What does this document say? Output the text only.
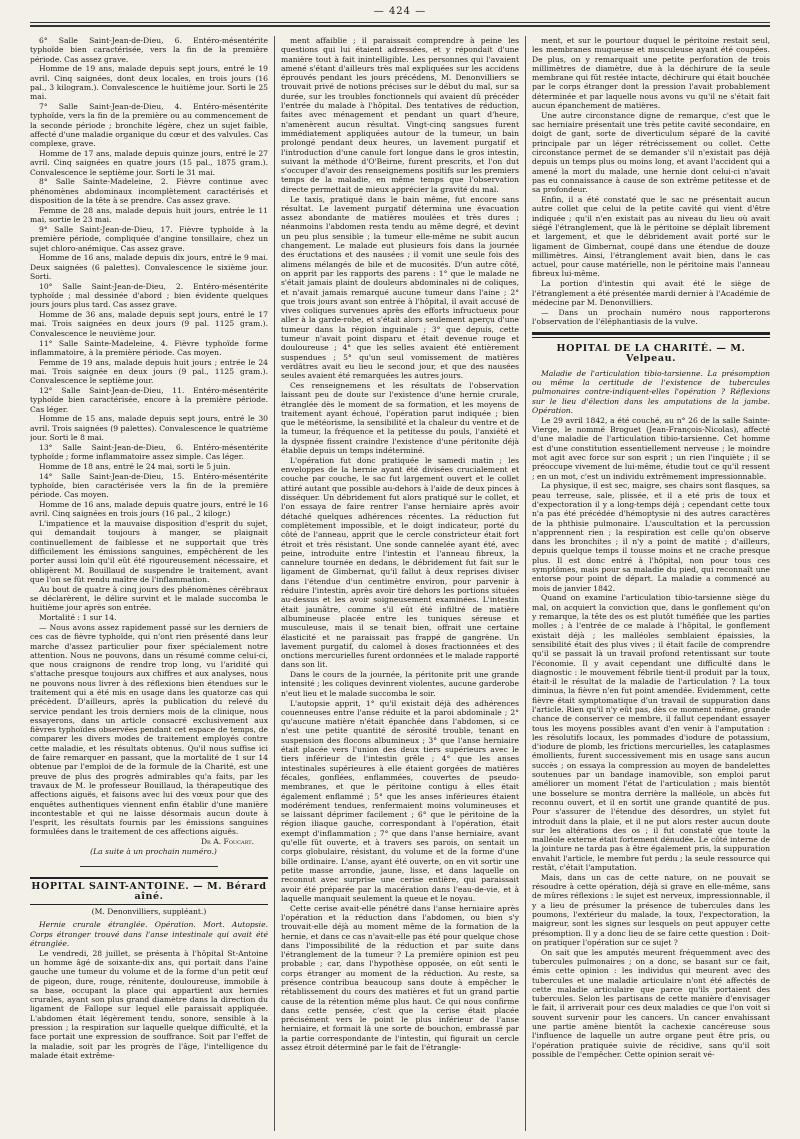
— 424 —

6° Salle Saint-Jean-de-Dieu, 6. Entéro-mésentérite typhoïde bien caractérisée, vers la fin de la première période. Cas assez grave.

Homme de 19 ans, malade depuis sept jours, entré le 19 avril. Cinq saignées, dont deux locales, en trois jours (16 pal., 3 kilogram.). Convalescence le huitième jour. Sorti le 25 mai.

7° Salle Saint-Jean-de-Dieu, 4. Entéro-mésentérite typhoïde, vers la fin de la première ou au commencement de la seconde période ; bronchite légère, chez un sujet faible, affecté d'une maladie organique du cœur et des valvules. Cas complexe, grave.

Homme de 17 ans, malade depuis quinze jours, entré le 27 avril. Cinq saignées en quatre jours (15 pal., 1875 gram.). Convalescence le septième jour. Sorti le 31 mai.

8° Salle Sainte-Madeleine, 2. Fièvre continue avec phénomènes abdominaux incomplètement caractérisés et disposition de la tête à se prendre. Cas assez grave.

Femme de 28 ans, malade depuis huit jours, entrée le 11 mai, sortie le 23 mai.

9° Salle Saint-Jean-de-Dieu, 17. Fièvre typhoïde à la première période, compliquée d'angine tonsillaire, chez un sujet chloro-anémique. Cas assez grave.

Homme de 16 ans, malade depuis dix jours, entré le 9 mai. Deux saignées (6 palettes). Convalescence le sixième jour. Sorti.

10° Salle Saint-Jean-de-Dieu, 2. Entéro-mésentérite typhoïde ; mal dessinée d'abord ; bien évidente quelques jours jours plus tard. Cas assez grave.

Homme de 36 ans, malade depuis sept jours, entré le 17 mai. Trois saignées en deux jours (9 pal. 1125 gram.). Convalescence le neuvième jour.

11° Salle Sainte-Madeleine, 4. Fièvre typhoïde forme inflammatoire, à la première période. Cas moyen.

Femme de 19 ans, malade depuis huit jours ; entrée le 24 mai. Trois saignée en deux jours (9 pal., 1125 gram.). Convalescence le septième jour.

12° Salle Saint-Jean-de-Dieu, 11. Entéro-mésentérite typhoïde bien caractérisée, encore à la première période. Cas léger.

Homme de 15 ans, malade depuis sept jours, entré le 30 avril. Trois saignées (9 palettes). Convalescence le quatrième jour. Sorti le 8 mai.

13° Salle Saint-Jean-de-Dieu, 6. Entéro-mésentérite typhoïde ; forme inflammatoire assez simple. Cas léger.

Homme de 18 ans, entré le 24 mai, sorti le 5 juin.

14° Salle Saint-Jean-de-Dieu, 15. Entéro-mésentérite typhoïde, bien caractérisée vers la fin de la première période. Cas moyen.

Homme de 16 ans, malade depuis quatre jours, entré le 16 avril. Cinq saignées en trois jours (16 pal., 2 kilogr.)

L'impatience et la mauvaise disposition d'esprit du sujet, qui demandait toujours à manger, se plaignait continuellement de faiblesse et ne supportait que très difficilement les émissions sanguines, empêchèrent de les porter aussi loin qu'il eût été rigoureusement nécessaire, et obligèrent M. Bouillaud de suspendre le traitement, avant que l'on se fût rendu maître de l'inflammation.

Au bout de quatre à cinq jours des phénomènes cérébraux se déclarèrent, le délire survint et le malade succomba le huitième jour après son entrée.

Mortalité : 1 sur 14.

— Nous avons assez rapidement passé sur les derniers de ces cas de fièvre typhoïde, qui n'ont rien présenté dans leur marche d'assez particulier pour fixer spécialement notre attention. Nous ne pouvons, dans un résumé comme celui-ci, que nous craignons de rendre trop long, vu l'aridité qui s'attache presque toujours aux chiffres et aux analyses, nous ne pouvons nous livrer à des réflexions bien étendues sur le traitement qui a été mis en usage dans les quatorze cas qui précèdent. D'ailleurs, après la publication du relevé du service pendant les trois derniers mois de la clinique, nous essayerons, dans un article consacré exclusivement aux fièvres typhoïdes observées pendant cet espace de temps, de comparer les divers modes de traitement employés contre cette maladie, et les résultats obtenus. Qu'il nous suffise ici de faire remarquer en passant, que la mortalité de 1 sur 14 obtenue par l'emploi de de la formule de la Charité, est une preuve de plus des progrès admirables qu'a faits, par les travaux de M. le professeur Bouillaud, la thérapeutique des affections aiguës, et faisons avec lui des vœux pour que des enquêtes authentiques viennent enfin établir d'une manière incontestable et qui ne laisse désormais aucun doute à l'esprit, les résultats fournis par les émissions sanguines formulées dans le traitement de ces affections aiguës.

Dr A. Foucart.

(La suite à un prochain numéro.)

HOPITAL SAINT-ANTOINE. — M. Bérard aîné.
(M. Denonvilliers, suppléant.)

Hernie crurale étranglée. Opération. Mort. Autopsie. Corps étranger trouvé dans l'anse intestinale qui avait été étranglée.

Le vendredi, 28 juillet, se présenta à l'hôpital St-Antoine un homme âgé de soixante-dix ans, qui portait dans l'aine gauche une tumeur du volume et de la forme d'un petit œuf de pigeon, dure, rouge, rénitente, douloureuse, immobile à sa base, occupant la place qui appartient aux hernies crurales, ayant son plus grand diamètre dans la direction du ligament de Fallope sur lequel elle paraissait appliquée. L'abdomen était légèrement tendu, sonore, sensible à la pression ; la respiration sur laquelle quelque difficulté, et la face portait une expression de souffrance. Soit par l'effet de la maladie, soit par les progrès de l'âge, l'intelligence du malade était extrême-

ment affaiblie ; il paraissait comprendre à peine les questions qui lui étaient adressées, et y répondait d'une manière tout à fait inintelligible. Les personnes qui l'avaient amené s'étant d'ailleurs très mal expliquées sur les accidens éprouvés pendant les jours précédens, M. Denonvilliers se trouvait privé de notions précises sur le début du mal, sur sa durée, sur les troubles fonctionnels qui avaient dû précéder l'entrée du malade à l'hôpital. Des tentatives de réduction, faites avec ménagement et pendant un quart d'heure, n'amenèrent aucun résultat. Vingt-cinq sangsues furent immédiatement appliquées autour de la tumeur, un bain prolongé pendant deux heures, un lavement purgatif et l'introduction d'une canule fort longue dans le gros intestin, suivant la méthode d'O'Beirne, furent prescrits, et l'on dut s'occuper d'avoir des renseignemens positifs sur les premiers temps de la maladie, en même temps que l'observation directe permettait de mieux apprécier la gravité du mal.

Le taxis, pratiqué dans le bain même, fut encore sans résultat. Le lavement purgatif détermina une évacuation assez abondante de matières moulées et très dures ; néanmoins l'abdomen resta tendu au même degré, et devint un peu plus sensible ; la tumeur elle-même ne subit aucun changement. Le malade eut plusieurs fois dans la journée des éructations et des nausées ; il vomit une seule fois des alimens mélangés de bile et de mucosités. D'un autre côté, on apprit par les rapports des parens : 1° que le malade ne s'était jamais plaint de douleurs abdominales ni de coliques, et n'avait jamais remarqué aucune tumeur dans l'aine ; 2° que trois jours avant son entrée à l'hôpital, il avait accusé de vives coliques survenues après des efforts infructueux pour aller à la garde-robe, et s'était alors seulement aperçu d'une tumeur dans la région inguinale ; 3° que depuis, cette tumeur n'avait point disparu et était devenue rouge et douloureuse ; 4° que les selles avaient été entièrement suspendues ; 5° qu'un seul vomissement de matières verdâtres avait eu lieu le second jour, et que des nausées seules avaient été remarquées les autres jours.

Ces renseignemens et les résultats de l'observation laissant peu de doute sur l'existence d'une hernie crurale, étranglée dès le moment de sa formation, et les moyens de traitement ayant échoué, l'opération parut indiquée ; bien que le météorisme, la sensibilité et la chaleur du ventre et de la tumeur, la fréquence et la petitesse du pouls, l'anxiété et la dyspnée fissent craindre l'existence d'une péritonite déjà établie depuis un temps indéterminé.

L'opération fut donc pratiquée le samedi matin ; les enveloppes de la hernie ayant été divisées crucialement et couche par couche, le sac fut largement ouvert et le collet attiré autant que possible au-dehors à l'aide de deux pinces à disséquer. Un débridement fut alors pratiqué sur le collet, et l'on essaya de faire rentrer l'anse herniaire après avoir détaché quelques adhérences récentes. La réduction fut complètement impossible, et le doigt indicateur, porté du côté de l'anneau, apprit que le cercle constricteur était fort étroit et très résistant. Une sonde cannelée ayant été, avec peine, introduite entre l'intestin et l'anneau fibreux, la cannelure tournée en dedans, le débridement fut fait sur le ligament de Gimbernat, qu'il fallut à deux reprises diviser dans l'étendue d'un centimètre environ, pour parvenir à réduire l'intestin, après avoir tiré dehors les portions situées au-dessus et les avoir soigneusement examinées. L'intestin était jaunâtre, comme s'il eût été infiltré de matière albumineuse placée entre les tuniques séreuse et musculeuse, mais il se tenait bien, offrait une certaine élasticité et ne paraissait pas frappé de gangrène. Un lavement purgatif, du calomel à doses fractionnées et des onctions mercurielles furent ordonnées et le malade rapporté dans son lit.

Dans le cours de la journée, la péritonite prit une grande intensité ; les coliques devinrent violentes, aucune garderobe n'eut lieu et le malade succomba le soir.

L'autopsie apprit, 1° qu'il existait déjà des adhérences couenneuses entre l'anse réduite et la paroi abdominale ; 2° qu'aucune matière n'était épanchée dans l'abdomen, si ce n'est une petite quantité de sérosité trouble, tenant en suspension des flocons albumineux ; 3° que l'anse herniaire était placée vers l'union des deux tiers supérieurs avec le tiers inférieur de l'intestin grêle ; 4° que les anses intestinales supérieures à elle étaient gorgées de matières fécales, gonflées, enflammées, couvertes de pseudo-membranes, et que le péritoine contigu à elles était également enflammé ; 5° que les anses inférieures étaient modérément tendues, renfermaient moins volumineuses et se laissant déprimer facilement ; 6° que le péritoine de la région iliaque gauche, correspondant à l'opération, était exempt d'inflammation ; 7° que dans l'anse herniaire, avant qu'elle fût ouverte, et à travers ses parois, on sentait un corps globulaire, résistant, du volume et de la forme d'une bille ordinaire. L'anse, ayant été ouverte, on en vit sortir une petite masse arrondie, jaune, lisse, et dans laquelle on reconnut avec surprise une cerise entière, qui paraissait avoir été préparée par la macération dans l'eau-de-vie, et à laquelle manquait seulement la queue et le noyau.

Cette cerise avait-elle pénétré dans l'anse herniaire après l'opération et la réduction dans l'abdomen, ou bien s'y trouvait-elle déjà au moment même de la formation de la hernie, et dans ce cas n'avait-elle pas été pour quelque chose dans l'impossibilité de la réduction et par suite dans l'étranglement de la tumeur ? La première opinion est peu probable ; car, dans l'hypothèse opposée, on eût senti le corps étranger au moment de la réduction. Au reste, sa présence contribua beaucoup sans doute à empêcher le rétablissement du cours des matières et fut un grand partie cause de la rétention même plus haut. Ce qui nous confirme dans cette pensée, c'est que la cerise était placée précisément vers le point le plus inférieur de l'anse herniaire, et formait là une sorte de bouchon, embrassé par la partie correspondante de l'intestin, qui figurait un cercle assez étroit déterminé par le fait de l'étrangle-

ment, et sur le pourtour duquel le péritoine restait seul, les membranes muqueuse et musculeuse ayant été coupées. De plus, on y remarquait une petite perforation de trois millimètres de diamètre, due à la déchirure de la seule membrane qui fût restée intacte, déchirure qui était bouchée par le corps étranger dont la pression l'avait probablement déterminée et par laquelle nous avons vu qu'il ne s'était fait aucun épanchement de matières.

Une autre circonstance digne de remarque, c'est que le sac herniaire présentait une très petite cavité secondaire, en doigt de gant, sorte de diverticulum séparé de la cavité principale par un léger rétrécissement ou collet. Cette circonstance permet de se demander s'il n'existait pas déjà depuis un temps plus ou moins long, et avant l'accident qui a amené la mort du malade, une hernie dont celui-ci n'avait pas eu connaissance à cause de son extrême petitesse et de sa profondeur.

Enfin, il a été constaté que le sac ne présentait aucun autre collet que celui de la petite cavité qui vient d'être indiquée ; qu'il n'en existait pas au niveau du lieu où avait siégé l'étranglement, que là le péritoine se déplaît librement et largement, et que le débridement avait porté sur le ligament de Gimbernat, coupé dans une étendue de douze millimètres. Ainsi, l'étranglement avait bien, dans le cas actuel, pour cause matérielle, non le péritoine mais l'anneau fibreux lui-même.

La portion d'intestin qui avait été le siège de l'étranglement a été présentée mardi dernier à l'Académie de médecine par M. Denonvilliers.

— Dans un prochain numéro nous rapporterons l'observation de l'éléphantiasis de la vulve.

HOPITAL DE LA CHARITÉ. — M. Velpeau.

Maladie de l'articulation tibio-tarsienne. La présomption ou même la certitude de l'existence de tubercules pulmonaires contre-indiquent-elles l'opération ? Réflexions sur le lieu d'élection dans les amputations de la jambe. Opération.

Le 29 avril 1842, a été couché, au n° 26 de la salle Sainte-Vierge, le nommé Broguet (Jean-François-Nicolas), affecté d'une maladie de l'articulation tibio-tarsienne. Cet homme est d'une constitution essentiellement nerveuse ; le moindre mot agit avec force sur son esprit ; un rien l'inquiète ; il se préoccupe vivement de lui-même, étudie tout ce qu'il ressent ; en un mot, c'est un individu extrêmement impressionnable.

La physique, il est sec, maigre, ses chairs sont flasques, sa peau terreuse, sale, plissée, et il a eté pris de toux et d'expectoration il y a long-temps déjà ; cependant cette toux n'a pas été précédée d'hémoptysie ni des autres caractères de la phthisie pulmonaire. L'auscultation et la percussion n'apprennent rien ; la respiration est celle qu'on observe dans les bronchites ; il n'y a point de matité ; d'ailleurs, depuis quelque temps il tousse moins et ne crache presque plus. Il est donc entré à l'hôpital, non pour tous ces symptômes, mais pour sa maladie du pied, qui reconnaît une entorse pour point de départ. La maladie a commencé au mois de janvier 1842.

Quand on examine l'articulation tibio-tarsienne siège du mal, on acquiert la conviction que, dans le gonflement qu'on y remarque, la tête des os est plutôt tuméfiée que les parties molles ; à l'entrée de ce malade à l'hôpital, le gonflement existait déjà ; les malléoles semblaient épaissies, la sensibilité était des plus vives ; il était facile de comprendre qu'il se passait là un travail profond retentissant sur toute l'économie. Il y avait cependant une difficulté dans le diagnostic : le mouvement fébrile tient-il produit par la toux, était-il le résultat de la maladie de l'articulation ? La toux diminua, la fièvre n'en fut point amendée. Evidemment, cette fièvre était symptomatique d'un travail de suppuration dans l'article. Rien qu'il n'y eût pas, dès ce moment même, grande chance de conserver ce membre, il fallut cependant essayer tous les moyens possibles avant d'en venir à l'amputation : les résolutifs locaux, les pommades d'iodure de potassium, d'iodure de plomb, les frictions mercurielles, les cataplasmes émollients, furent successivement mis en usage sans aucun succès ; on essaya la compression au moyen de bandelettes soutenues par un bandage inamovible, son emploi parut améliorer un moment l'état de l'articulation ; mais bientôt une bosselure se montra derrière la malléole, un abcès fut reconnu ouvert, et il en sortit une grande quantité de pus. Pour s'assurer de l'étendue des désordres, un stylet fut introduit dans la plaie, et il ne put alors rester aucun doute sur les altérations des os ; il fut constaté que toute la malléole externe était fortement dénudée. Le côté interne de la jointure ne tarda pas à être également pris, la suppuration envahit l'article, le membre fut perdu ; la seule ressource qui restât, c'était l'amputation.

Mais, dans un cas de cette nature, on ne pouvait se résoudre à cette opération, déjà si grave en elle-même, sans de mûres réflexions : le sujet est nerveux, impressionnable, il y a lieu de présumer la présence de tubercules dans les poumons, l'extérieur du malade, la toux, l'expectoration, la maigreur, sont les signes sur lesquels on peut appuyer cette présomption. Il y a donc lieu de se faire cette question : Doit-on pratiquer l'opération sur ce sujet ?

On sait que les amputés meurent fréquemment avec des tubercules pulmonaires ; on a donc, se basant sur ce fait, émis cette opinion : les individus qui meurent avec des tubercules et une maladie articulaire n'ont été affectés de cette maladie articulaire que parce qu'ils portaient des tubercules. Selon les partisans de cette manière d'envisager le fait, il arriverait pour ces deux maladies ce que l'on voit si souvent survenir pour les cancers. Un cancer envahissant une partie amène bientôt la cachexie cancéreuse sous l'influence de laquelle un autre organe peut être pris, ou l'opération pratiquée suivie de récidive, sans qu'il soit possible de l'empêcher. Cette opinion serait vé-
